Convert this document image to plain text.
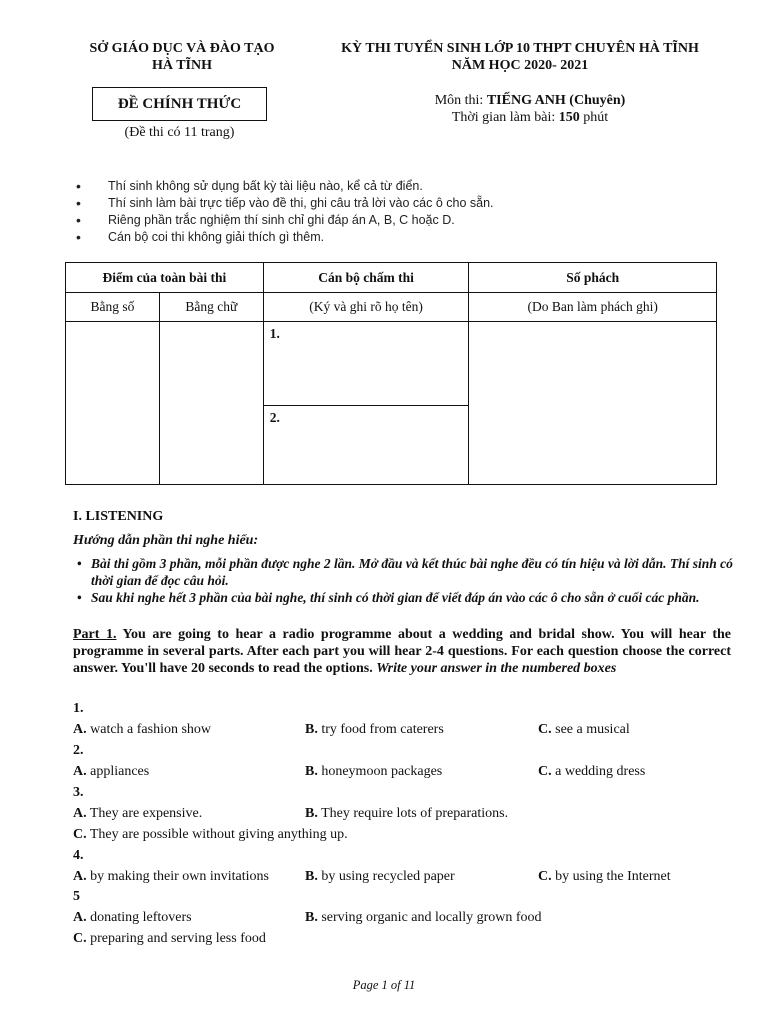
SỞ GIÁO DỤC VÀ ĐÀO TẠO
HÀ TĨNH
KỲ THI TUYỂN SINH LỚP 10 THPT CHUYÊN HÀ TĨNH
NĂM HỌC 2020- 2021
ĐỀ CHÍNH THỨC
(Đề thi có 11 trang)
Môn thi: TIẾNG ANH (Chuyên)
Thời gian làm bài: 150 phút
• Thí sinh không sử dụng bất kỳ tài liệu nào, kể cả từ điển.
• Thí sinh làm bài trực tiếp vào đề thi, ghi câu trả lời vào các ô cho sẵn.
• Riêng phần trắc nghiệm thí sinh chỉ ghi đáp án A, B, C hoặc D.
• Cán bộ coi thi không giải thích gì thêm.
Điểm của toàn bài thi		Cán bộ chấm thi	Số phách
Bằng số	Bằng chữ	(Ký và ghi rõ họ tên)	(Do Ban làm phách ghi)
		1.	
		2.	
I. LISTENING
Hướng dẫn phần thi nghe hiểu:
• Bài thi gồm 3 phần, mỗi phần được nghe 2 lần. Mở đầu và kết thúc bài nghe đều có tín hiệu và lời dẫn. Thí sinh có thời gian để đọc câu hỏi.
• Sau khi nghe hết 3 phần của bài nghe, thí sinh có thời gian để viết đáp án vào các ô cho sẵn ở cuối các phần.
Part 1. You are going to hear a radio programme about a wedding and bridal show. You will hear the programme in several parts. After each part you will hear 2-4 questions. For each question choose the correct answer. You'll have 20 seconds to read the options. Write your answer in the numbered boxes
1.
A. watch a fashion show	B. try food from caterers	C. see a musical
2.
A. appliances	B. honeymoon packages	C. a wedding dress
3.
A. They are expensive.	B. They require lots of preparations.
C. They are possible without giving anything up.
4.
A. by making their own invitations	B. by using recycled paper	C. by using the Internet
5
A. donating leftovers	B. serving organic and locally grown food
C. preparing and serving less food
Page 1 of 11
